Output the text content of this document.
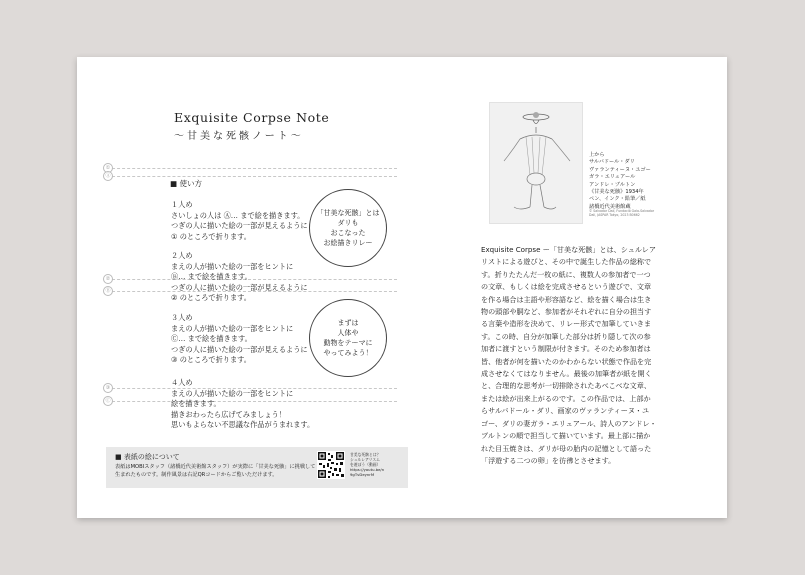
Exquisite Corpse Note
〜甘美な死骸ノート〜
①
Ⓐ
②
Ⓑ
③
Ⓒ
■ 使い方
１人め
さいしょの人は Ⓐ… まで絵を描きます。
つぎの人に描いた絵の一部が見えるように
① のところで折ります。
２人め
まえの人が描いた絵の一部をヒントに
Ⓑ… まで絵を描きます。
つぎの人に描いた絵の一部が見えるように
② のところで折ります。
３人め
まえの人が描いた絵の一部をヒントに
Ⓒ… まで絵を描きます。
つぎの人に描いた絵の一部が見えるように
③ のところで折ります。
４人め
まえの人が描いた絵の一部をヒントに
絵を描きます。
描きおわったら広げてみましょう！
思いもよらない不思議な作品がうまれます。
「甘美な死骸」とは
ダリも
おこなった
お絵描きリレー
まずは
人体や
動物をテーマに
やってみよう！
■ 表紙の絵について
表紙はMOBIスタッフ（諸橋近代美術館スタッフ）が実際に「甘美な死骸」に挑戦して
生まれたものです。制作風景は右記QRコードからご覧いただけます。
甘美な死骸とは？
シュルレアリスム
を遊ぼう（動画）
https://youtu.be/n
9gTvDeynrM
上から
サルバドール・ダリ
ヴァランティーヌ・ユゴー
ガラ・エリュアール
アンドレ・ブルトン
《甘美な死骸》1934年
ペン、インク・鉛筆／紙
諸橋近代美術館蔵
© Salvador Dalí, Fundació Gala-Salvador
Dalí, JASPAR Tokyo, 2023 B0662
Exquisite Corpse ー「甘美な死骸」とは、シュルレア
リストによる遊びと、その中で誕生した作品の総称で
す。折りたたんだ一枚の紙に、複数人の参加者で一つ
の文章、もしくは絵を完成させるという遊びで、文章
を作る場合は主語や形容語など、絵を描く場合は生き
物の頭部や胴など、参加者がそれぞれに自分の担当す
る言葉や造形を決めて、リレー形式で加筆していきま
す。この時、自分が加筆した部分は折り隠して次の参
加者に渡すという制限が付きます。そのため参加者は
皆、他者が何を描いたのかわからない状態で作品を完
成させなくてはなりません。最後の加筆者が紙を開く
と、合理的な思考が一切排除されたあべこべな文章、
または絵が出来上がるのです。この作品では、上部か
らサルバドール・ダリ、画家のヴァランティーヌ・ユ
ゴー、ダリの妻ガラ・エリュアール、詩人のアンドレ・
ブルトンの順で担当して描いています。最上部に描か
れた目玉焼きは、ダリが母の胎内の記憶として語った
「浮遊する二つの卵」を彷彿とさせます。
